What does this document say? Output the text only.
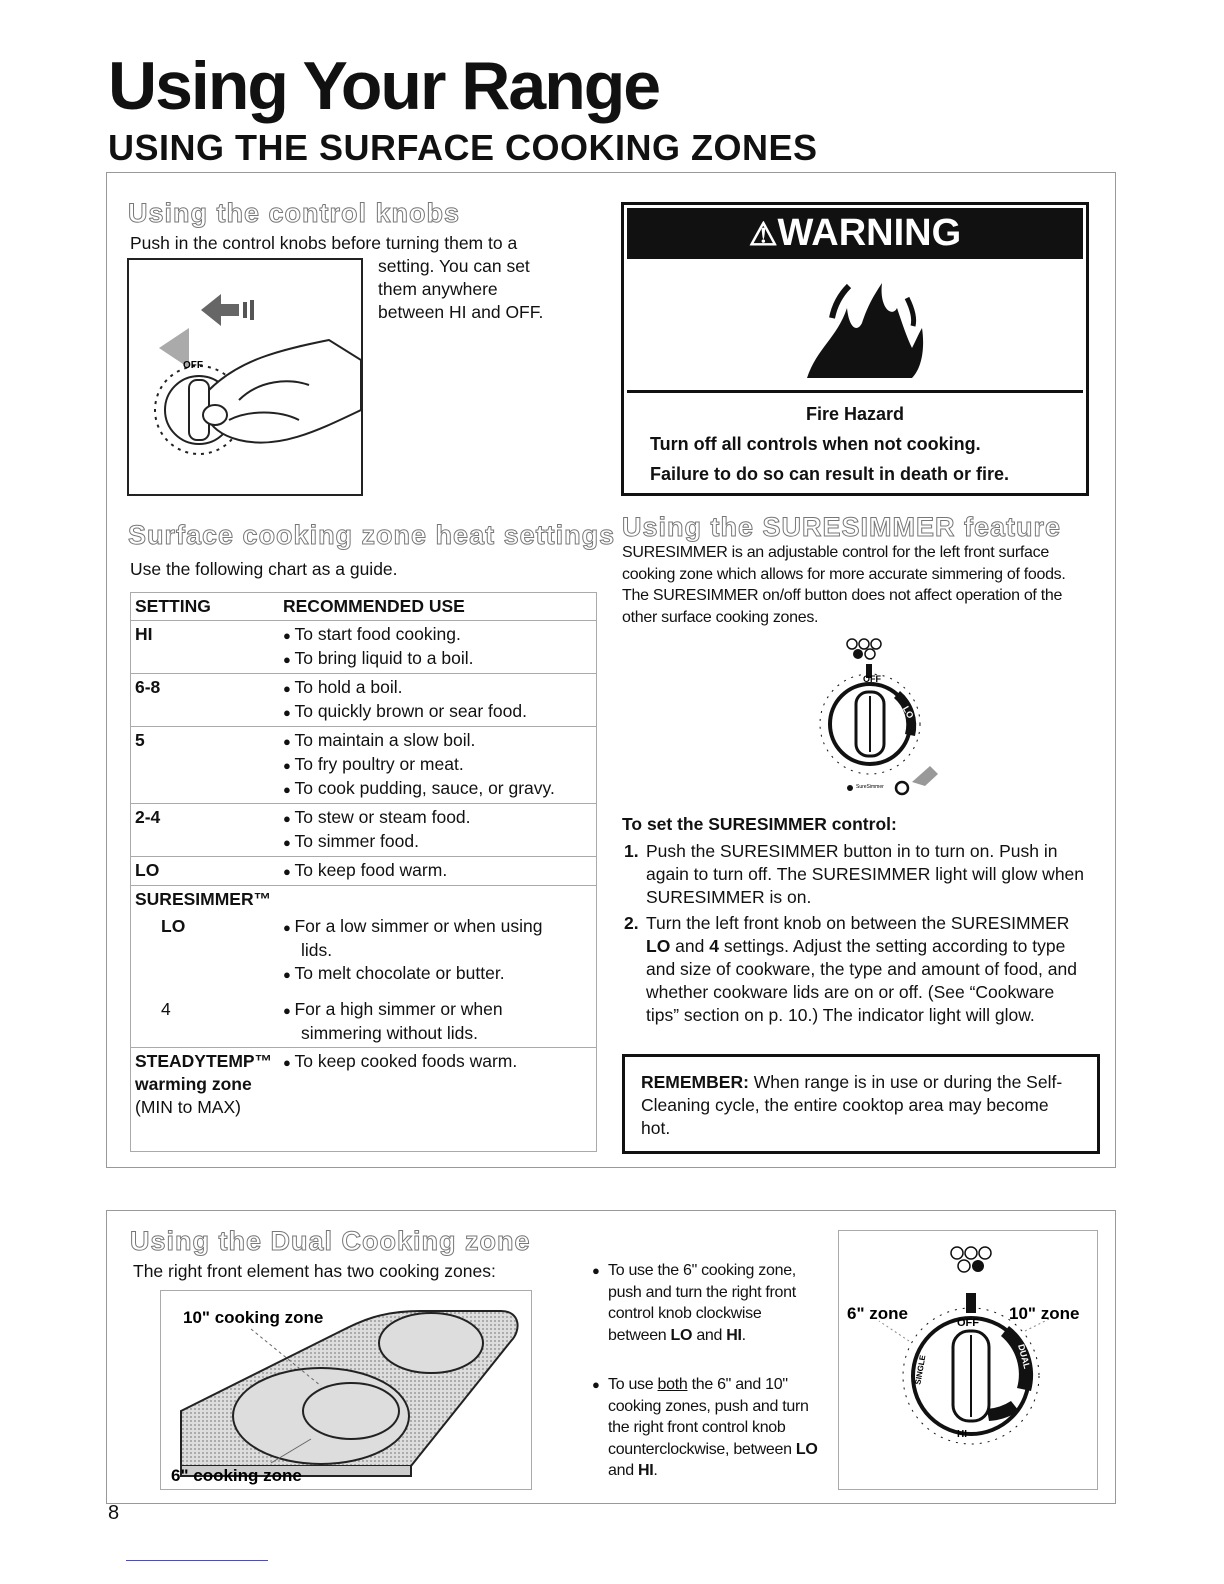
Using Your Range
USING THE SURFACE COOKING ZONES
Using the control knobs
Push in the control knobs before turning them to a
setting. You can set
them anywhere
between HI and OFF.
OFF
⚠WARNING
Fire Hazard
Turn off all controls when not cooking.
Failure to do so can result in death or fire.
Surface cooking zone heat settings
Use the following chart as a guide.
SETTING	RECOMMENDED USE
HI	● To start food cooking.
● To bring liquid to a boil.

6-8	● To hold a boil.
● To quickly brown or sear food.

5	● To maintain a slow boil.
● To fry poultry or meat.
● To cook pudding, sauce, or gravy.

2-4	● To stew or steam food.
● To simmer food.

LO	● To keep food warm.

SURESIMMER™	
LO	● For a low simmer or when using
lids.
● To melt chocolate or butter.

4	● For a high simmer or when
simmering without lids.

STEADYTEMP™
warming zone
(MIN to MAX)	● To keep cooked foods warm.
Using the SURESIMMER feature
SURESIMMER is an adjustable control for the left front surface cooking zone which allows for more accurate simmering of foods. The SURESIMMER on/off button does not affect operation of the other surface cooking zones.
OFF
LO
SureSimmer
To set the SURESIMMER control:
1. Push the SURESIMMER button in to turn on. Push in again to turn off. The SURESIMMER light will glow when SURESIMMER is on.
2. Turn the left front knob on between the SURESIMMER LO and 4 settings. Adjust the setting according to type and size of cookware, the type and amount of food, and whether cookware lids are on or off. (See “Cookware tips” section on p. 10.) The indicator light will glow.
REMEMBER: When range is in use or during the Self-Cleaning cycle, the entire cooktop area may become hot.
Using the Dual Cooking zone
The right front element has two cooking zones:
10" cooking zone
6" cooking zone
● To use the 6" cooking zone, push and turn the right front control knob clockwise between LO and HI.
● To use both the 6" and 10" cooking zones, push and turn the right front control knob counterclockwise, between LO and HI.
6" zone	10" zone
OFF
DUAL
SINGLE
HI
8
